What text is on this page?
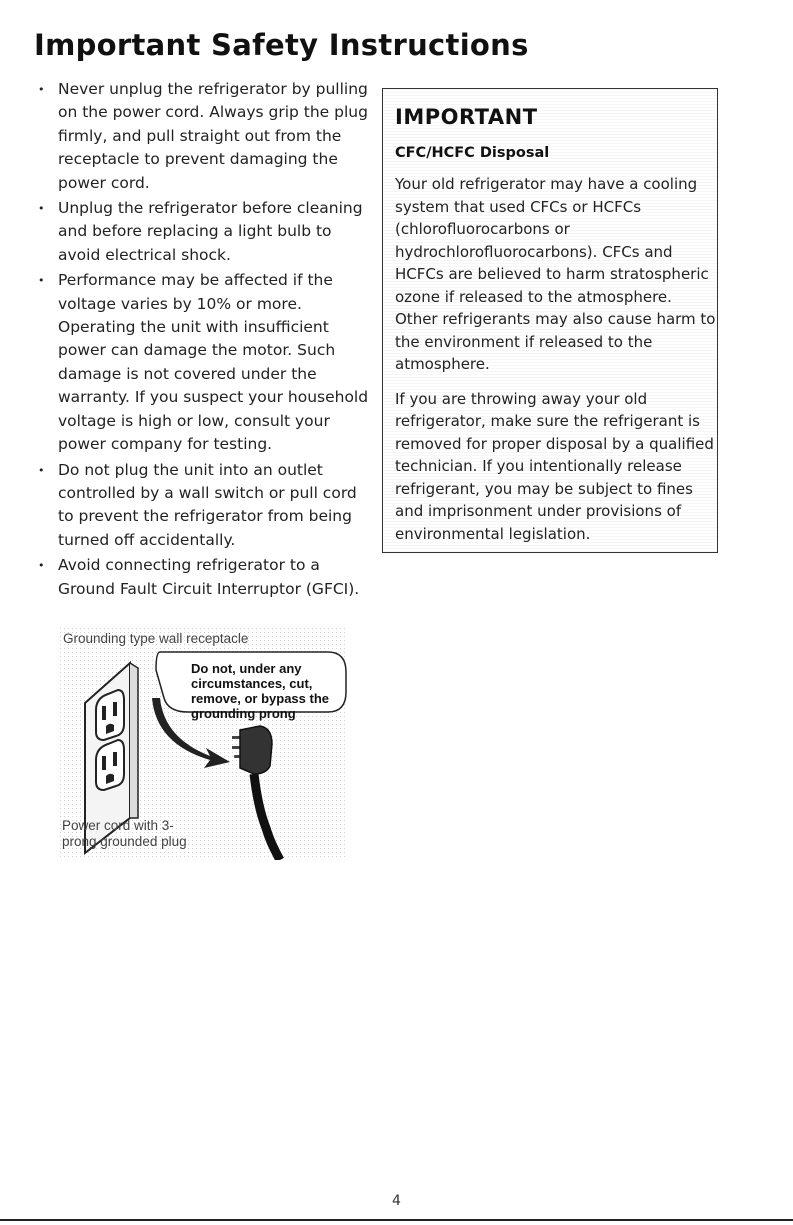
Important Safety Instructions
• Never unplug the refrigerator by pulling on the power cord. Always grip the plug firmly, and pull straight out from the receptacle to prevent damaging the power cord.
• Unplug the refrigerator before cleaning and before replacing a light bulb to avoid electrical shock.
• Performance may be affected if the voltage varies by 10% or more. Operating the unit with insufficient power can damage the motor. Such damage is not covered under the warranty. If you suspect your household voltage is high or low, consult your power company for testing.
• Do not plug the unit into an outlet controlled by a wall switch or pull cord to prevent the refrigerator from being turned off accidentally.
• Avoid connecting refrigerator to a Ground Fault Circuit Interruptor (GFCI).
IMPORTANT
CFC/HCFC Disposal

Your old refrigerator may have a cooling system that used CFCs or HCFCs (chlorofluorocarbons or hydrochlorofluorocarbons). CFCs and HCFCs are believed to harm stratospheric ozone if released to the atmosphere. Other refrigerants may also cause harm to the environment if released to the atmosphere.

If you are throwing away your old refrigerator, make sure the refrigerant is removed for proper disposal by a qualified technician. If you intentionally release refrigerant, you may be subject to fines and imprisonment under provisions of environmental legislation.

Grounding type wall receptacle
Do not, under any circumstances, cut, remove, or bypass the grounding prong
Power cord with 3-prong grounded plug
4
